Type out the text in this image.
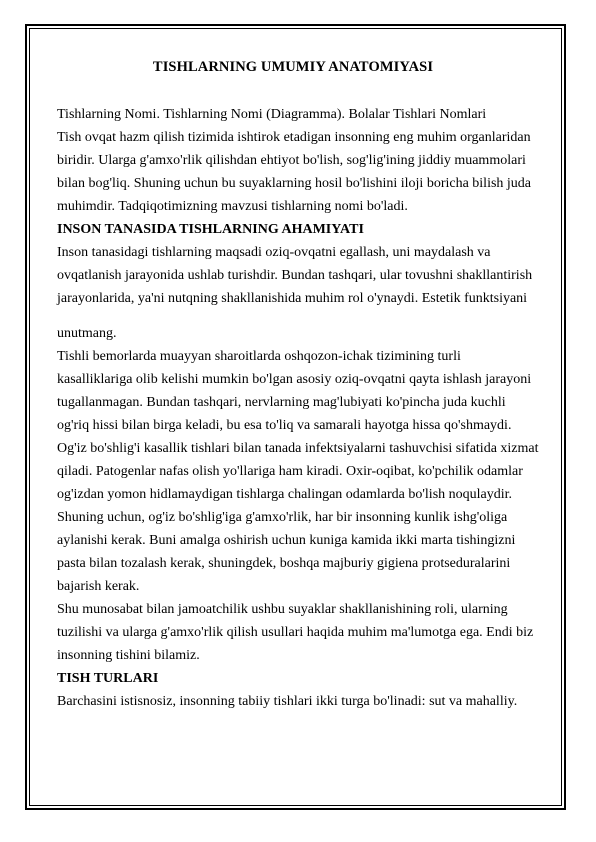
TISHLARNING UMUMIY ANATOMIYASI
Tishlarning Nomi. Tishlarning Nomi (Diagramma). Bolalar Tishlari Nomlari
Tish ovqat hazm qilish tizimida ishtirok etadigan insonning eng muhim organlaridan
biridir. Ularga g'amxo'rlik qilishdan ehtiyot bo'lish, sog'lig'ining jiddiy muammolari
bilan bog'liq. Shuning uchun bu suyaklarning hosil bo'lishini iloji boricha bilish juda
muhimdir. Tadqiqotimizning mavzusi tishlarning nomi bo'ladi.
INSON TANASIDA TISHLARNING AHAMIYATI
Inson tanasidagi tishlarning maqsadi oziq-ovqatni egallash, uni maydalash va
ovqatlanish jarayonida ushlab turishdir. Bundan tashqari, ular tovushni shakllantirish
jarayonlarida, ya'ni nutqning shakllanishida muhim rol o'ynaydi. Estetik funktsiyani
unutmang.
Tishli bemorlarda muayyan sharoitlarda oshqozon-ichak tizimining turli
kasalliklariga olib kelishi mumkin bo'lgan asosiy oziq-ovqatni qayta ishlash jarayoni
tugallanmagan. Bundan tashqari, nervlarning mag'lubiyati ko'pincha juda kuchli
og'riq hissi bilan birga keladi, bu esa to'liq va samarali hayotga hissa qo'shmaydi.
Og'iz bo'shlig'i kasallik tishlari bilan tanada infektsiyalarni tashuvchisi sifatida xizmat
qiladi. Patogenlar nafas olish yo'llariga ham kiradi. Oxir-oqibat, ko'pchilik odamlar
og'izdan yomon hidlamaydigan tishlarga chalingan odamlarda bo'lish noqulaydir.
Shuning uchun, og'iz bo'shlig'iga g'amxo'rlik, har bir insonning kunlik ishg'oliga
aylanishi kerak. Buni amalga oshirish uchun kuniga kamida ikki marta tishingizni
pasta bilan tozalash kerak, shuningdek, boshqa majburiy gigiena protseduralarini
bajarish kerak.
Shu munosabat bilan jamoatchilik ushbu suyaklar shakllanishining roli, ularning
tuzilishi va ularga g'amxo'rlik qilish usullari haqida muhim ma'lumotga ega. Endi biz
insonning tishini bilamiz.
TISH TURLARI
Barchasini istisnosiz, insonning tabiiy tishlari ikki turga bo'linadi: sut va mahalliy.
